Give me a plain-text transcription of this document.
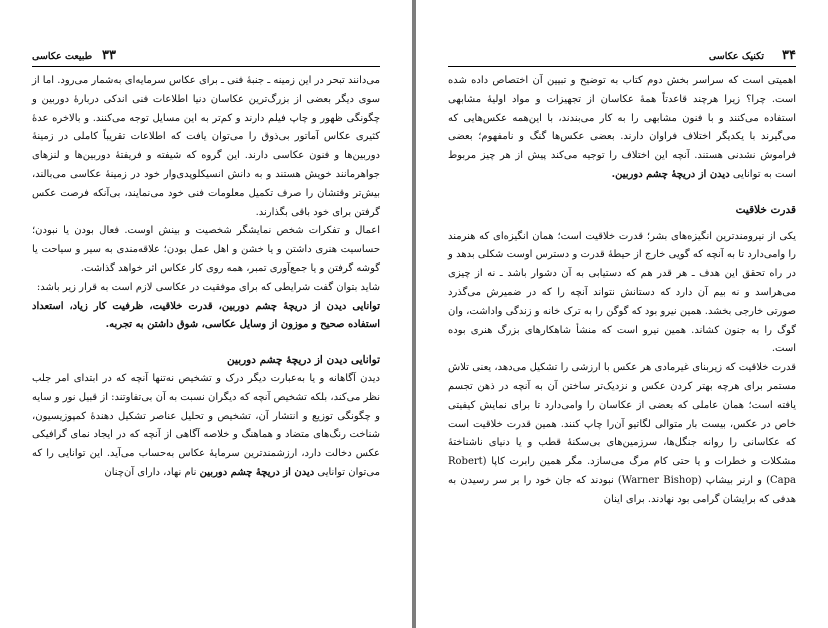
طبیعت عکاسی ۳۳

می‌دانند تبحر در این زمینه ـ جنبهٔ فنی ـ برای عکاس سرمایه‌ای به‌شمار می‌رود. اما از سوی دیگر بعضی از بزرگ‌ترین عکاسان دنیا اطلاعات فنی اندکی دربارهٔ دوربین و چگونگی ظهور و چاپ فیلم دارند و کم‌تر به این مسایل توجه می‌کنند. و بالاخره عدهٔ کثیری عکاس آماتور بی‌ذوق را می‌توان یافت که اطلاعات تقریباً کاملی در زمینهٔ دوربین‌ها و فنون عکاسی دارند. این گروه که شیفته و فریفتهٔ دوربین‌ها و لنزهای جواهرمانند خویش هستند و به دانش انسیکلوپدی‌وار خود در زمینهٔ عکاسی می‌بالند، بیش‌تر وقتشان را صرف تکمیل معلومات فنی خود می‌نمایند، بی‌آنکه فرصت عکس گرفتن برای خود باقی بگذارند.

اعمال و تفکرات شخص نمایشگر شخصیت و بینش اوست. فعال بودن یا نبودن؛ حساسیت هنری داشتن و یا خشن و اهل عمل بودن؛ علاقه‌مندی به سیر و سیاحت یا گوشه گرفتن و یا جمع‌آوری تمبر، همه روی کار عکاس اثر خواهد گذاشت.

شاید بتوان گفت شرایطی که برای موفقیت در عکاسی لازم است به قرار زیر باشد:

توانایی دیدن از دریچهٔ چشم دوربین، قدرت خلاقیت، ظرفیت کار زیاد، استعداد استفاده صحیح و موزون از وسایل عکاسی، شوق داشتن به تجربه.

توانایی دیدن از دریچهٔ چشم دوربین

دیدن آگاهانه و یا به‌عبارت دیگر درک و تشخیص نه‌تنها آنچه که در ابتدای امر جلب نظر می‌کند، بلکه تشخیص آنچه که دیگران نسبت به آن بی‌تفاوتند: از قبیل نور و سایه و چگونگی توزیع و انتشار آن، تشخیص و تحلیل عناصر تشکیل دهندهٔ کمپوزیسیون، شناخت رنگ‌های متضاد و هماهنگ و خلاصه آگاهی از آنچه که در ایجاد نمای گرافیکی عکس دخالت دارد، ارزشمندترین سرمایهٔ عکاس به‌حساب می‌آید. این توانایی را که می‌توان توانایی دیدن از دریچهٔ چشم دوربین نام نهاد، دارای آن‌چنان

تکنیک عکاسی ۳۴

اهمیتی است که سراسر بخش دوم کتاب به توضیح و تبیین آن اختصاص داده شده است. چرا؟ زیرا هرچند قاعدتاً همهٔ عکاسان از تجهیزات و مواد اولیهٔ مشابهی استفاده می‌کنند و با فنون مشابهی را به کار می‌بندند، با این‌همه عکس‌هایی که می‌گیرند با یکدیگر اختلاف فراوان دارند. بعضی عکس‌ها گنگ و نامفهوم؛ بعضی فراموش نشدنی هستند. آنچه این اختلاف را توجیه می‌کند پیش از هر چیز مربوط است به توانایی دیدن از دریچهٔ چشم دوربین.

قدرت خلاقیت

یکی از نیرومندترین انگیزه‌های بشر؛ قدرت خلاقیت است؛ همان انگیزه‌ای که هنرمند را وامی‌دارد تا به آنچه که گویی خارج از حیطهٔ قدرت و دسترس اوست شکلی بدهد و در راه تحقق این هدف ـ هر قدر هم که دستیابی به آن دشوار باشد ـ نه از چیزی می‌هراسد و نه بیم آن دارد که دستانش نتواند آنچه را که در ضمیرش می‌گذرد صورتی خارجی بخشد. همین نیرو بود که گوگن را به ترک خانه و زندگی واداشت، وان گوگ را به جنون کشاند. همین نیرو است که منشأ شاهکارهای بزرگ هنری بوده است.

قدرت خلاقیت که زیربنای غیرمادی هر عکس با ارزشی را تشکیل می‌دهد، یعنی تلاش مستمر برای هرچه بهتر کردن عکس و نزدیک‌تر ساختن آن به آنچه در ذهن تجسم یافته است؛ همان عاملی که بعضی از عکاسان را وامی‌دارد تا برای نمایش کیفیتی خاص در عکس، بیست بار متوالی لگاتیو آن‌را چاپ کنند. همین قدرت خلاقیت است که عکاسانی را روانه جنگل‌ها، سرزمین‌های بی‌سکنهٔ قطب و یا دنیای ناشناختهٔ مشکلات و خطرات و یا حتی کام مرگ می‌سازد. مگر همین رابرت کاپا (Robert Capa) و ارنر بیشاپ (Warner Bishop) نبودند که جان خود را بر سر رسیدن به هدفی که برایشان گرامی بود نهادند. برای اینان
